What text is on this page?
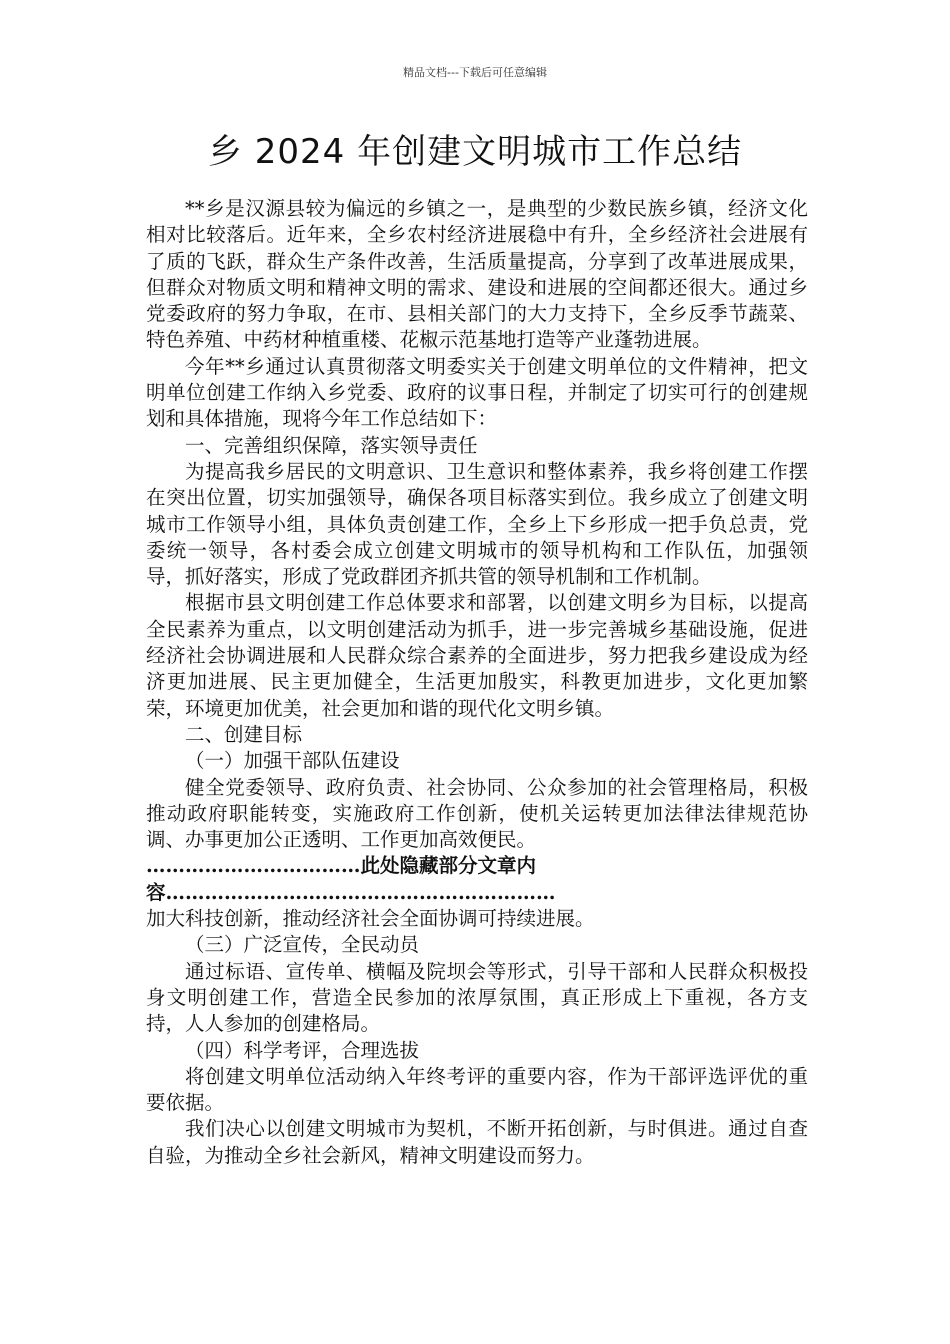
精品文档---下载后可任意编辑
乡 2024 年创建文明城市工作总结

**乡是汉源县较为偏远的乡镇之一，是典型的少数民族乡镇，经济文化相对比较落后。近年来，全乡农村经济进展稳中有升，全乡经济社会进展有了质的飞跃，群众生产条件改善，生活质量提高，分享到了改革进展成果，但群众对物质文明和精神文明的需求、建设和进展的空间都还很大。通过乡党委政府的努力争取，在市、县相关部门的大力支持下，全乡反季节蔬菜、特色养殖、中药材种植重楼、花椒示范基地打造等产业蓬勃进展。

今年**乡通过认真贯彻落文明委实关于创建文明单位的文件精神，把文明单位创建工作纳入乡党委、政府的议事日程，并制定了切实可行的创建规划和具体措施，现将今年工作总结如下：

一、完善组织保障，落实领导责任

为提高我乡居民的文明意识、卫生意识和整体素养，我乡将创建工作摆在突出位置，切实加强领导，确保各项目标落实到位。我乡成立了创建文明城市工作领导小组，具体负责创建工作，全乡上下乡形成一把手负总责，党委统一领导，各村委会成立创建文明城市的领导机构和工作队伍，加强领导，抓好落实，形成了党政群团齐抓共管的领导机制和工作机制。

根据市县文明创建工作总体要求和部署，以创建文明乡为目标，以提高全民素养为重点，以文明创建活动为抓手，进一步完善城乡基础设施，促进经济社会协调进展和人民群众综合素养的全面进步，努力把我乡建设成为经济更加进展、民主更加健全，生活更加殷实，科教更加进步，文化更加繁荣，环境更加优美，社会更加和谐的现代化文明乡镇。

二、创建目标

（一）加强干部队伍建设

健全党委领导、政府负责、社会协同、公众参加的社会管理格局，积极推动政府职能转变，实施政府工作创新，使机关运转更加法律法律规范协调、办事更加公正透明、工作更加高效便民。

……………………………此处隐藏部分文章内容……………………………………………………

加大科技创新，推动经济社会全面协调可持续进展。

（三）广泛宣传，全民动员

通过标语、宣传单、横幅及院坝会等形式，引导干部和人民群众积极投身文明创建工作，营造全民参加的浓厚氛围，真正形成上下重视，各方支持，人人参加的创建格局。

（四）科学考评，合理选拔

将创建文明单位活动纳入年终考评的重要内容，作为干部评选评优的重要依据。

我们决心以创建文明城市为契机，不断开拓创新，与时俱进。通过自查自验，为推动全乡社会新风，精神文明建设而努力。
